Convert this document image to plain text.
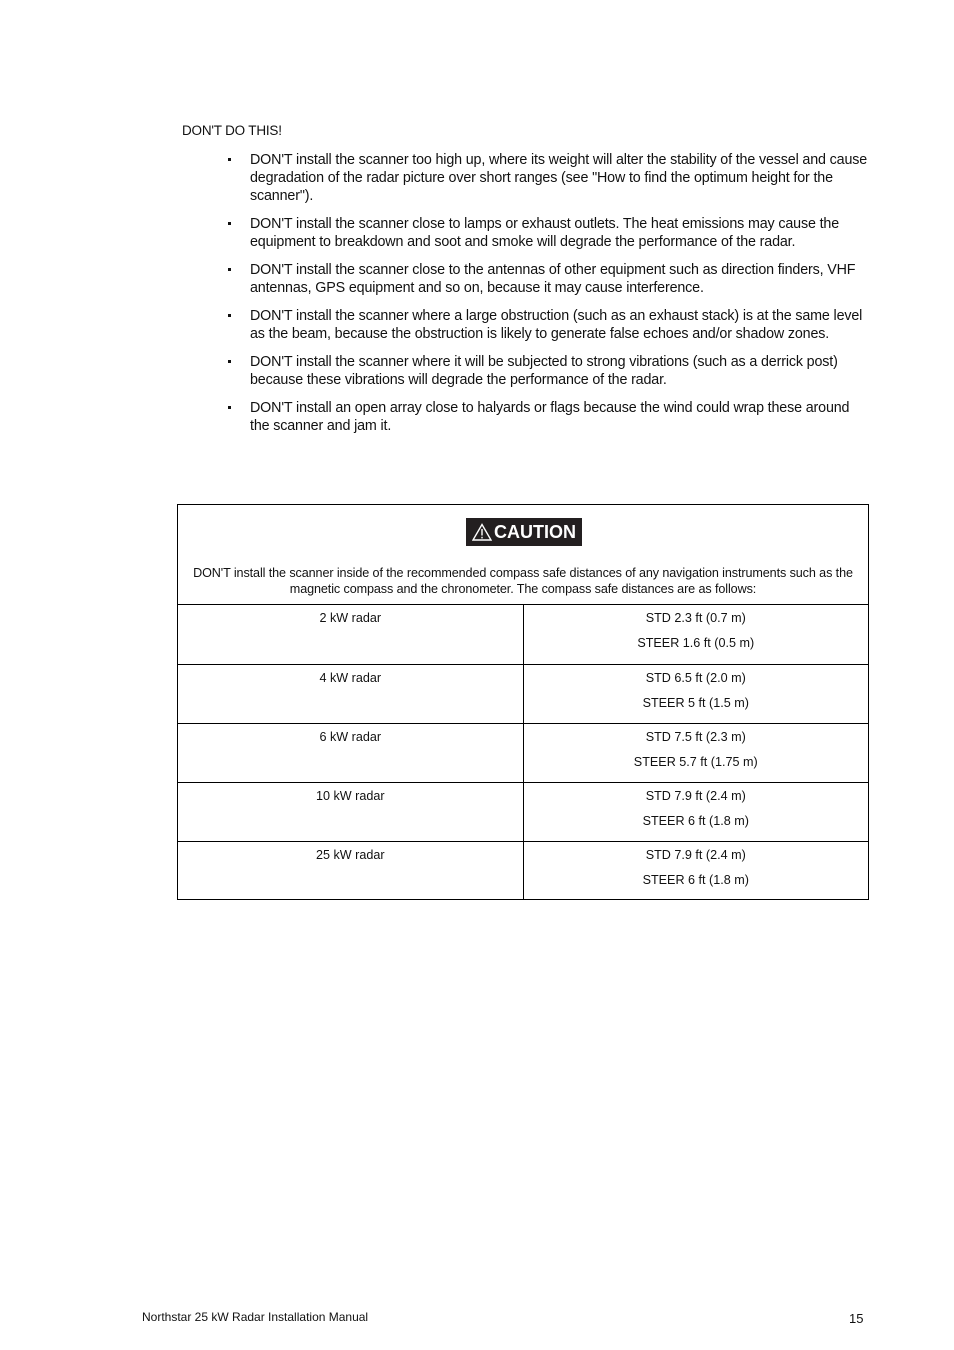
DON'T DO THIS!
DON'T install the scanner too high up, where its weight will alter the stability of the vessel and cause degradation of the radar picture over short ranges (see "How to find the optimum height for the scanner").
DON'T install the scanner close to lamps or exhaust outlets. The heat emissions may cause the equipment to breakdown and soot and smoke will degrade the performance of the radar.
DON'T install the scanner close to the antennas of other equipment such as direction finders, VHF antennas, GPS equipment and so on, because it may cause interference.
DON'T install the scanner where a large obstruction (such as an exhaust stack) is at the same level as the beam, because the obstruction is likely to generate false echoes and/or shadow zones.
DON'T install the scanner where it will be subjected to strong vibrations (such as a derrick post) because these vibrations will degrade the performance of the radar.
DON'T install an open array close to halyards or flags because the wind could wrap these around the scanner and jam it.
CAUTION
DON'T install the scanner inside of the recommended compass safe distances of any navigation instruments such as the magnetic compass and the chronometer. The compass safe distances are as follows:
2 kW radar	STD 2.3 ft (0.7 m)
STEER 1.6 ft (0.5 m)

4 kW radar	STD 6.5 ft (2.0 m)
STEER 5 ft (1.5 m)

6 kW radar	STD 7.5 ft (2.3 m)
STEER 5.7 ft (1.75 m)

10 kW radar	STD 7.9 ft (2.4 m)
STEER 6 ft (1.8 m)

25 kW radar	STD 7.9 ft (2.4 m)
STEER 6 ft (1.8 m)
Northstar 25 kW Radar Installation Manual	15
